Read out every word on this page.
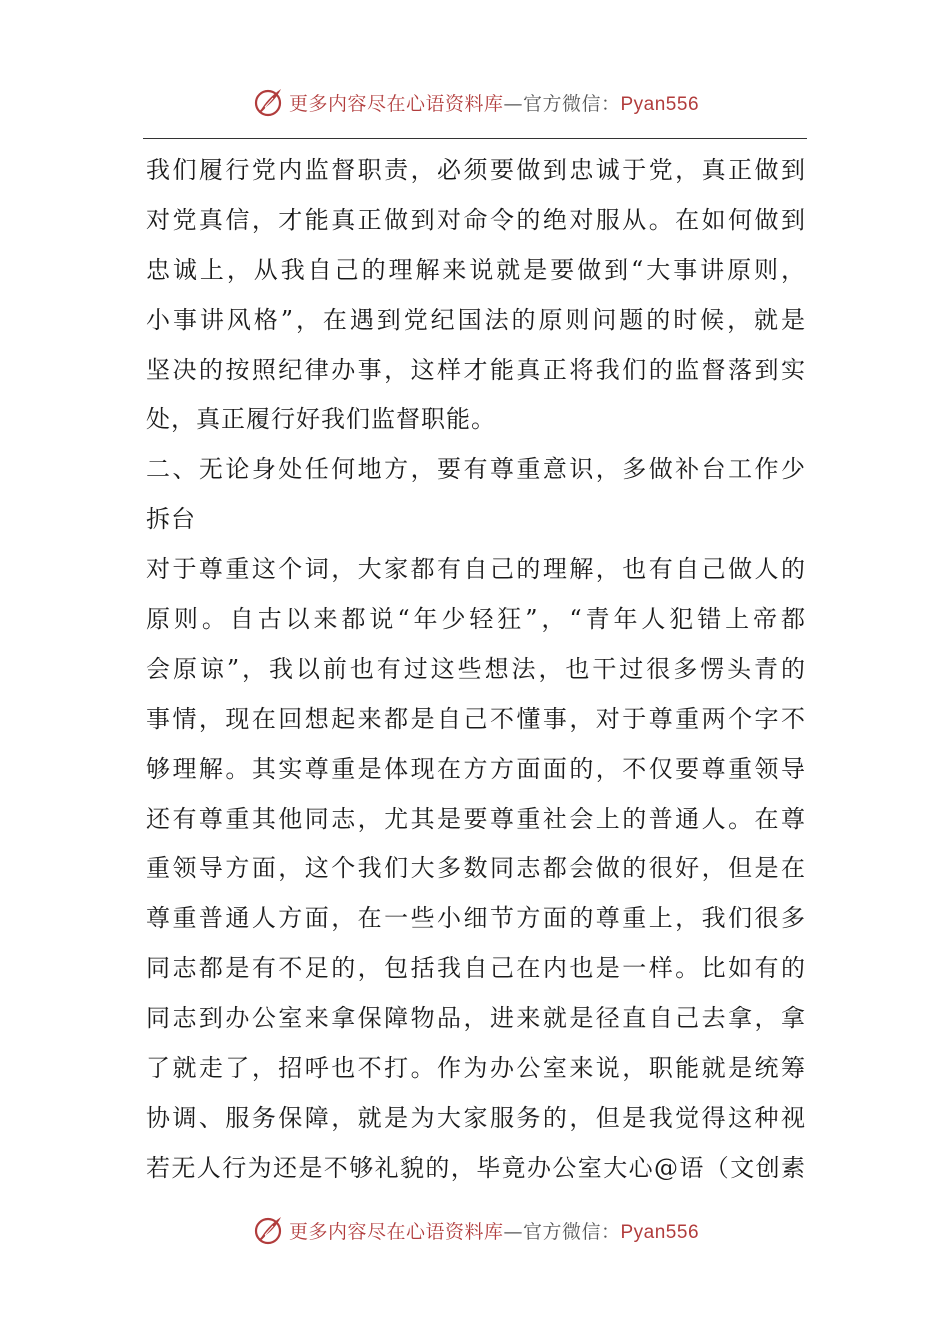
更多内容尽在心语资料库—官方微信：Pyan556
我们履行党内监督职责，必须要做到忠诚于党，真正做到
对党真信，才能真正做到对命令的绝对服从。在如何做到
忠诚上，从我自己的理解来说就是要做到“大事讲原则，
小事讲风格”，在遇到党纪国法的原则问题的时候，就是
坚决的按照纪律办事，这样才能真正将我们的监督落到实
处，真正履行好我们监督职能。
二、无论身处任何地方，要有尊重意识，多做补台工作少
拆台
对于尊重这个词，大家都有自己的理解，也有自己做人的
原则。自古以来都说“年少轻狂”，“青年人犯错上帝都
会原谅”，我以前也有过这些想法，也干过很多愣头青的
事情，现在回想起来都是自己不懂事，对于尊重两个字不
够理解。其实尊重是体现在方方面面的，不仅要尊重领导
还有尊重其他同志，尤其是要尊重社会上的普通人。在尊
重领导方面，这个我们大多数同志都会做的很好，但是在
尊重普通人方面，在一些小细节方面的尊重上，我们很多
同志都是有不足的，包括我自己在内也是一样。比如有的
同志到办公室来拿保障物品，进来就是径直自己去拿，拿
了就走了，招呼也不打。作为办公室来说，职能就是统筹
协调、服务保障，就是为大家服务的，但是我觉得这种视
若无人行为还是不够礼貌的，毕竟办公室大心@语（文创素
更多内容尽在心语资料库—官方微信：Pyan556
